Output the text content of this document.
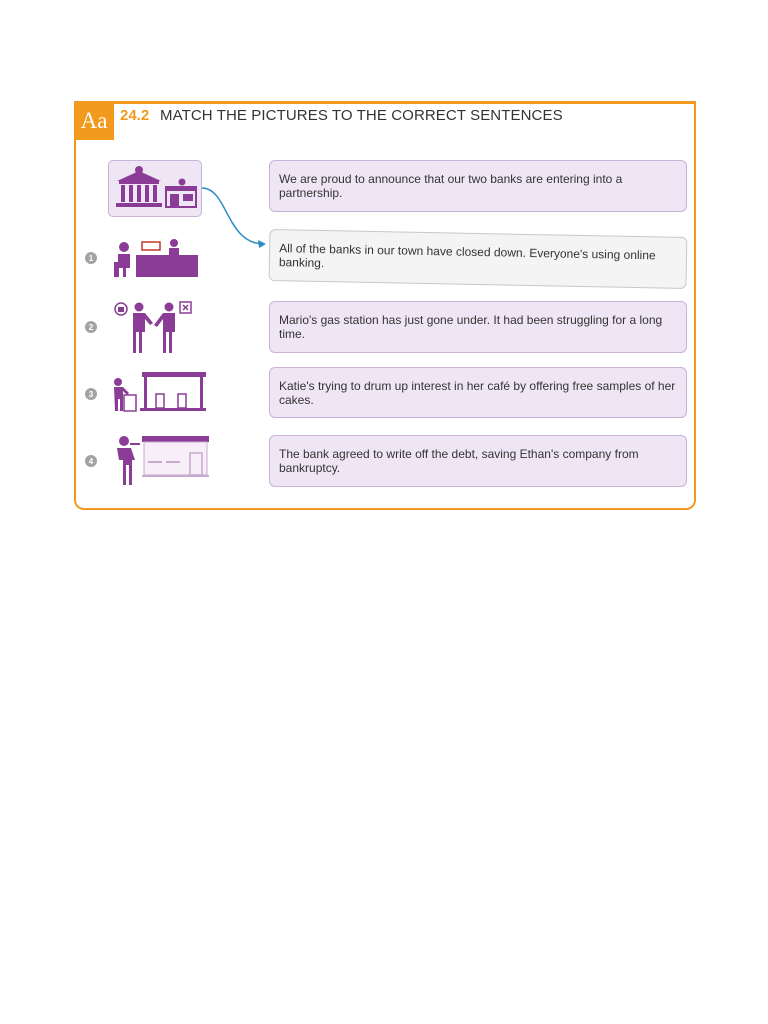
Aa 24.2 MATCH THE PICTURES TO THE CORRECT SENTENCES
1
2
3
4
We are proud to announce that our two banks are entering into a partnership.
All of the banks in our town have closed down. Everyone's using online banking.
Mario's gas station has just gone under. It had been struggling for a long time.
Katie's trying to drum up interest in her café by offering free samples of her cakes.
The bank agreed to write off the debt, saving Ethan's company from bankruptcy.
